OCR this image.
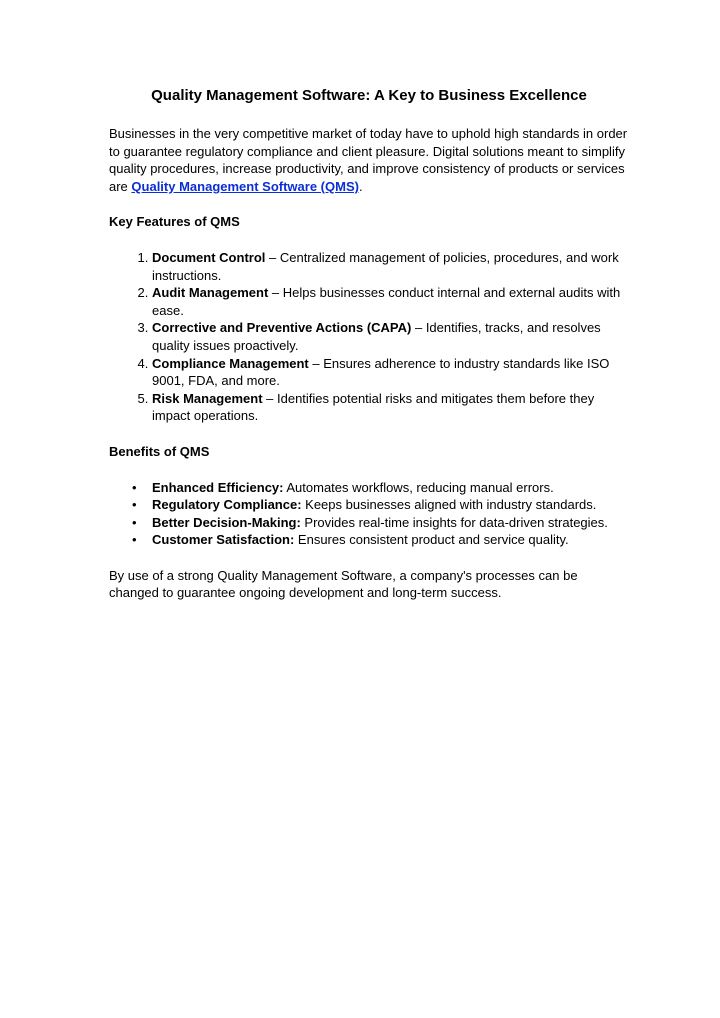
Quality Management Software: A Key to Business Excellence

Businesses in the very competitive market of today have to uphold high standards in order to guarantee regulatory compliance and client pleasure. Digital solutions meant to simplify quality procedures, increase productivity, and improve consistency of products or services are Quality Management Software (QMS).

Key Features of QMS
1. Document Control – Centralized management of policies, procedures, and work instructions.
2. Audit Management – Helps businesses conduct internal and external audits with ease.
3. Corrective and Preventive Actions (CAPA) – Identifies, tracks, and resolves quality issues proactively.
4. Compliance Management – Ensures adherence to industry standards like ISO 9001, FDA, and more.
5. Risk Management – Identifies potential risks and mitigates them before they impact operations.
Benefits of QMS
• Enhanced Efficiency: Automates workflows, reducing manual errors.
• Regulatory Compliance: Keeps businesses aligned with industry standards.
• Better Decision-Making: Provides real-time insights for data-driven strategies.
• Customer Satisfaction: Ensures consistent product and service quality.

By use of a strong Quality Management Software, a company's processes can be changed to guarantee ongoing development and long-term success.
